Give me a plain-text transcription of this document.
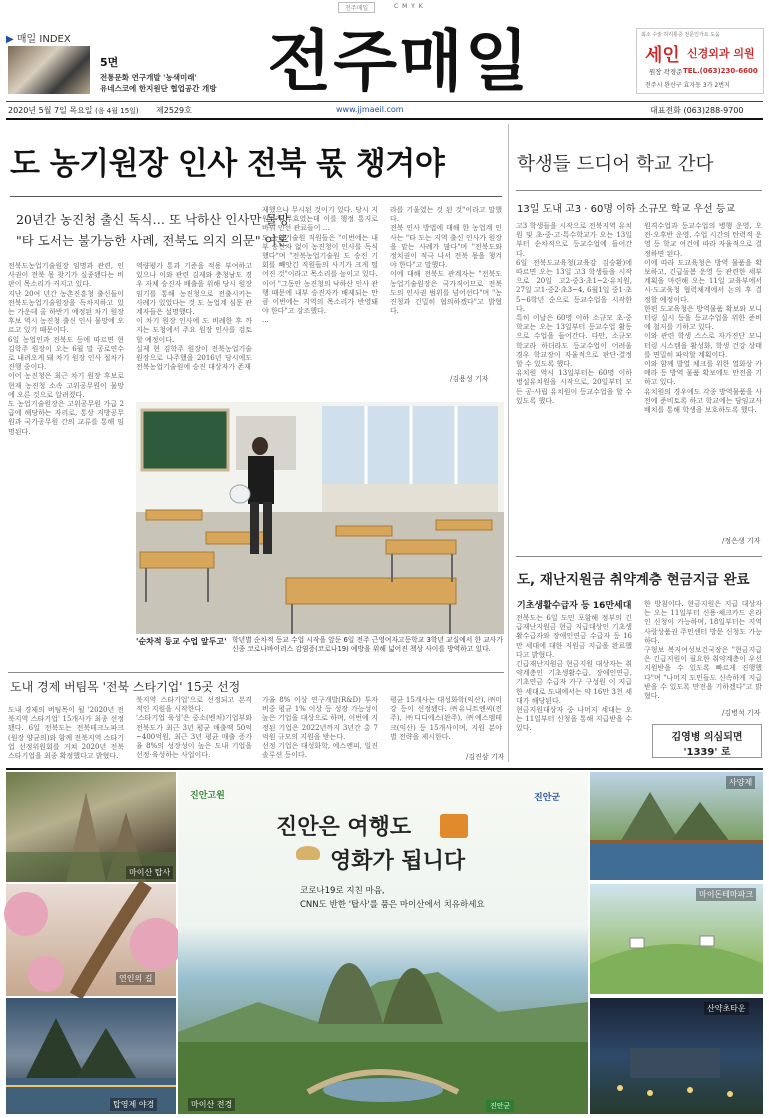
전주매일	C M Y K
▶ 매일 INDEX
5면
전통문화 연구개발 '농색미래'
유네스코에 한지원단 협업공간 개방 전주매일	최소 수술 허리통증 전문인가요 도움
세인 신경외과 의원
원장 곽경준 TEL.(063)230-6600
전주시 완산구 효자동 3가 2번지
2020년 5월 7일 목요일 (음 4월 15일) 제2529호	www.jjmaeil.com	대표전화 (063)288-9700
도 농기원장 인사 전북 몫 챙겨야
20년간 농진청 출신 독식… 또 낙하산 인사만 물망
"타 도서는 불가능한 사례, 전북도 의지 의문" 여론
전북도농업기술원장 임명과 관련, 인사권이 전북 몫 찾기가 실종됐다는 비판이 목소리가 커지고 있다.
지난 20여 년간 농촌진흥청 출신들이 전북도농업기술원장을 독차지하고 있는 가운데 올 하반기 예정된 차기 원장 후보 역시 농진청 출신 인사 물망에 오르고 있기 때문이다.
6일 농업인과 전북도 등에 따르면 현 김학주 원장이 오는 6월 말 공로연수로 내려오게 돼 차기 원장 인사 절차가 진행 중이다.
이어 농진청은 최근 차기 원장 후보로 현재 농진청 소속 고위공무원이 물망에 오른 것으로 알려졌다.
도 농업기술원장은 고위공무원 가급 2급에 해당하는 자리로, 통상 지방공무원과 국가공무원 간의 교류를 통해 임명된다.
역량평가 통과 기준을 적용 부여하고 있으나 이와 관련 김제와 충청남도 경우 자체 승진자 배출을 위해 당시 원장 임기를 통해 농진청으로 전출시키는 사례가 있었다는 것 도 농업계 심문 관계자들은 설명했다.
이 차기 원장 인사에 도 비례한 후 까지는 도청에서 주요 원장 인사를 검토할 예정이다.
실제 현 김학주 원장이 전북농업기술원장으로 나주했을 2016년 당시에도 전북농업기술원에 승진 대상자가 존재
재했으나 무시된 것이기 있다. 당시 지원자가 무효였는데 이를 행정 통지로 바꿔 민선 관료들이 ...
도 농업기술원 직원들은 "이번에는 내부 승진자 없이 농진청이 인사를 독식했다"며 "전북농업기술원 도 승진 기회를 빼앗긴 직원들의 사기가 크게 떨어진 것"이라고 목소리를 높이고 있다.
이어 "그동안 농진청의 낙하산 인사 관행 때문에 내부 승진자가 배제되는 만큼 이번에는 지역의 목소리가 반영돼야 한다"고 강조했다.
...
라를 기울였는 것 된 것"이라고 말했다.
전북 인사 방법에 대해 한 농업계 인사는 "타 도는 지역 출신 인사가 원장을 맡는 사례가 많다"며 "전북도와 정치권이 적극 나서 전북 몫을 챙겨야 한다"고 말했다.
이에 대해 전북도 관계자는 "전북도농업기술원장은 국가직이므로 전북도의 인사권 범위를 넘어선다"며 "농진청과 긴밀히 협의하겠다"고 밝혔다.
/김용성 기자
'순차적 등교 수업 앞두고' 학년별 순차적 등교 수업 시작을 앞둔 6일 전주 근영여자고등학교 3학년 교실에서 한 교사가 신종 코로나바이러스 감염증(코로나19) 예방을 위해 넓어진 책상 사이를 방역하고 있다.
학생들 드디어 학교 간다
13일 도내 고3 · 60명 이하 소규모 학교 우선 등교
고3 학생들을 시작으로 전북지역 유치원 및 초·중·고·특수학교가 오는 13일부터 순차적으로 등교수업에 들어간다.
6일 전북도교육청(교육감 김승환)에 따르면 오는 13일 고3 학생들을 시작으로 20일 고2·중3·초1~2·유치원, 27일 고1·중2·초3~4, 6월1일 중1·초5~6학년 순으로 등교수업을 시작한다.
특히 이날은 60명 이하 소규모 초·중학교는 오는 13일부터 등교수업 활동으로 수업을 들어간다. 다만, 소규모 학교라 하더라도 등교수업이 어려울 경우 학교장이 자율적으로 판단·결정할 수 있도록 했다.
유치원 역시 13일부터는 60명 이하 병설유치원을 시작으로, 20일부터 모든 공·사립 유치원이 등교수업을 할 수 있도록 했다.
원격수업과 등교수업의 병행 운영, 오전·오후반 운영, 수업 시간의 탄력적 운영 등 학교 여건에 따라 자율적으로 결정하면 된다.
이에 따라 도교육청은 방역 물품을 확보하고, 긴급돌봄 운영 등 관련한 세부계획을 마련해 오는 11일 교육부에서 시·도교육청 협력체계에서 논의 후 결정할 예정이다.
한편 도교육청은 방역물품 확보와 모니터링 실시 등을 등교수업을 위한 준비에 철저를 기하고 있다.
이와 관련 학생 스스로 자가진단 모니터링 시스템을 활성화, 학생 건강 상태를 면밀히 파악할 계획이다.
이와 함께 발열 체크를 위한 열화상 카메라 등 방역 물품 확보에도 만전을 기하고 있다.
유치원의 경우에도 각종 방역물품을 사전에 준비토록 하고 학교에는 담임교사 배치를 통해 학생을 보호하도록 했다.
/정은생 기자
도, 재난지원금 취약계층 현금지급 완료
기초생활수급자 등 16만세대
전북도는 6일 도민 포함해 정부의 긴급재난지원금 현금 지급대상인 기초생활수급자와 장애인연금 수급자 등 16만 세대에 대한 지원금 지급을 완료했다고 밝혔다.
긴급재난지원금 현금지원 대상자는 취약계층인 기초생활수급, 장애인연금, 기초연금 수급자 가구 구성원 이 지급한 세대로 도내에서는 약 16만 3천 세대가 해당된다.
현금지원대상자 중 나머지 세대는 오는 11일부터 신청을 통해 지급받을 수 있다.
한 방침이다. 현금지원은 지급 대상자는 오는 11일부터 신용·체크카드 온라인 신청이 가능하며, 18일부터는 지역사랑상품권 주민센터 방문 신청도 가능하다.
구형보 복지여성보건국장은 "현금지급은 긴급지원이 필요한 취약계층이 우선 지원받을 수 있도록 빠르게 진행했다"며 "나머지 도민들도 신속하게 지급받을 수 있도록 만전을 기하겠다"고 밝혔다.
/김병석 기자
김영병 의심되면
'1339' 로
도내 경제 버팀목 '전북 스타기업' 15곳 선정
도내 경제의 버팀목이 될 '2020년 전북지역 스타기업' 15개사가 최종 선정됐다. 6일 전북도는 전북테크노파크(원장 양균의)와 함께 전북지역 스타기업 선정위원회를 거쳐 2020년 전북 스타기업을 최종 확정했다고 밝혔다.
북지역 스타기업'으로 선정되고 본격적인 지원을 시작한다.
'스타기업 육성'은 중소(벤처)기업부와 전북도가 최근 3년 평균 매출액 50억~400억원, 최근 3년 평균 매출 증가율 8%의 성장성이 높은 도내 기업을 선정·육성하는 사업이다.
가율 8% 이상 연구개발(R&D) 투자비중 평균 1% 이상 등 성장 가능성이 높은 기업을 대상으로 하며, 이번에 지정된 기업은 2022년까지 3년간 총 7억원 규모의 지원을 받는다.
선정 기업은 대성화학, 에스앤피, 일진솔루션 등이다.
평균 15개사는 대성화학(익산), ㈜미강 등이 선정됐다. ㈜유니트엔씨(전주), ㈜디디에스(완주), ㈜에스엠테크(익산) 등 15개사이며, 지원 분야별 전략을 제시한다.
/김진삼 기자
마이산 탑사
연인의 길
탑영제 야경
진안고원	진안군
진안은 여행도
영화가 됩니다
코로나19로 지친 마음,
CNN도 반한 '탑사'를 품은 마이산에서 치유하세요
마이산 전경	진안군
사양제
마이돈테마파크
산약초타운
